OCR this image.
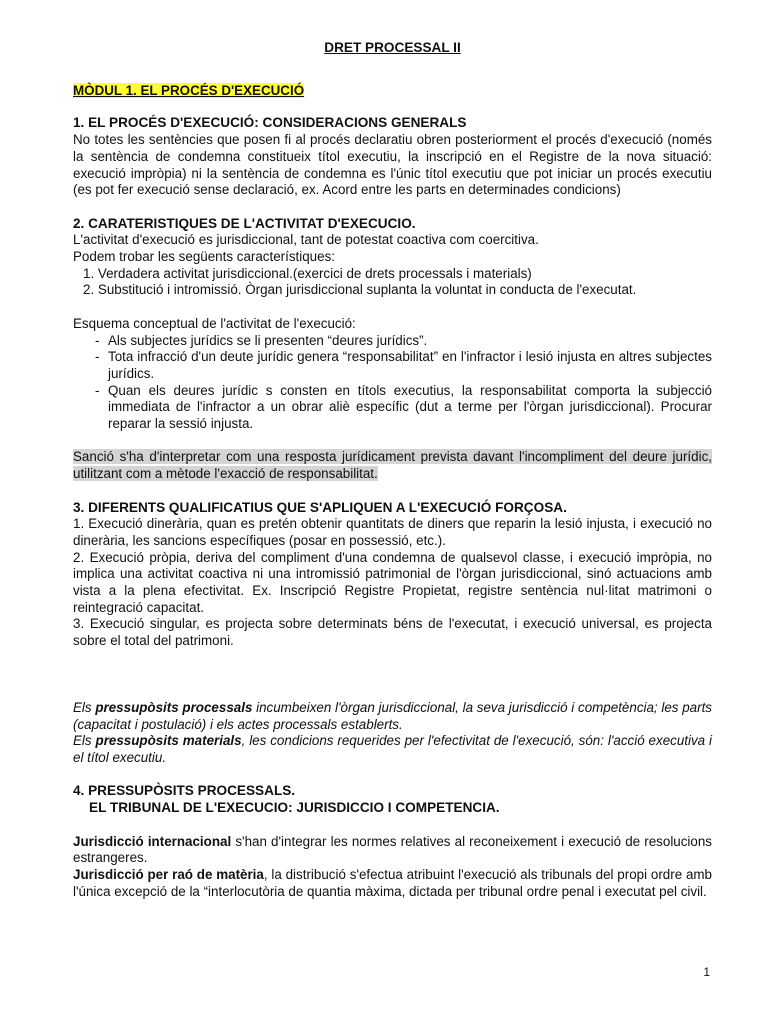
DRET PROCESSAL II
MÒDUL 1. EL PROCÉS D'EXECUCIÓ
1. EL PROCÉS D'EXECUCIÓ: CONSIDERACIONS GENERALS

No totes les sentències que posen fi al procés declaratiu obren posteriorment el procés d'execució (només la sentència de condemna constitueix títol executiu, la inscripció en el Registre de la nova situació: execució impròpia) ni la sentència de condemna es l'únic títol executiu que pot iniciar un procés executiu (es pot fer execució sense declaració, ex. Acord entre les parts en determinades condicions)

2. CARATERISTIQUES DE L'ACTIVITAT D'EXECUCIO.

L'activitat d'execució es jurisdiccional, tant de potestat coactiva com coercitiva.

Podem trobar les següents característiques:

1. Verdadera activitat jurisdiccional.(exercici de drets processals i materials)

2. Substitució i intromissió. Òrgan jurisdiccional suplanta la voluntat in conducta de l'executat.

Esquema conceptual de l'activitat de l'execució:

- Als subjectes jurídics se li presenten “deures jurídics”.
- Tota infracció d'un deute jurídic genera “responsabilitat” en l'infractor i lesió injusta en altres subjectes jurídics.
- Quan els deures jurídic s consten en títols executius, la responsabilitat comporta la subjecció immediata de l'infractor a un obrar aliè específic (dut a terme per l'òrgan jurisdiccional). Procurar reparar la sessió injusta.

Sanció s'ha d'interpretar com una resposta jurídicament prevista davant l'incompliment del deure jurídic, utilitzant com a mètode l'exacció de responsabilitat.

3. DIFERENTS QUALIFICATIUS QUE S'APLIQUEN A L'EXECUCIÓ FORÇOSA.

1. Execució dinerària, quan es pretén obtenir quantitats de diners que reparin la lesió injusta, i execució no dinerària, les sancions específiques (posar en possessió, etc.).

2. Execució pròpia, deriva del compliment d'una condemna de qualsevol classe, i execució impròpia, no implica una activitat coactiva ni una intromissió patrimonial de l'òrgan jurisdiccional, sinó actuacions amb vista a la plena efectivitat. Ex. Inscripció Registre Propietat, registre sentència nul·litat matrimoni o reintegració capacitat.

3. Execució singular, es projecta sobre determinats béns de l'executat, i execució universal, es projecta sobre el total del patrimoni.

Els pressupòsits processals incumbeixen l'òrgan jurisdiccional, la seva jurisdicció i competència; les parts (capacitat i postulació) i els actes processals establerts.

Els pressupòsits materials, les condicions requerides per l'efectivitat de l'execució, són: l'acció executiva i el títol executiu.

4. PRESSUPÒSITS PROCESSALS.
EL TRIBUNAL DE L'EXECUCIO: JURISDICCIO I COMPETENCIA.

Jurisdicció internacional s'han d'integrar les normes relatives al reconeixement i execució de resolucions estrangeres.

Jurisdicció per raó de matèria, la distribució s'efectua atribuint l'execució als tribunals del propi ordre amb l'única excepció de la “interlocutòria de quantia màxima, dictada per tribunal ordre penal i executat pel civil.

1
